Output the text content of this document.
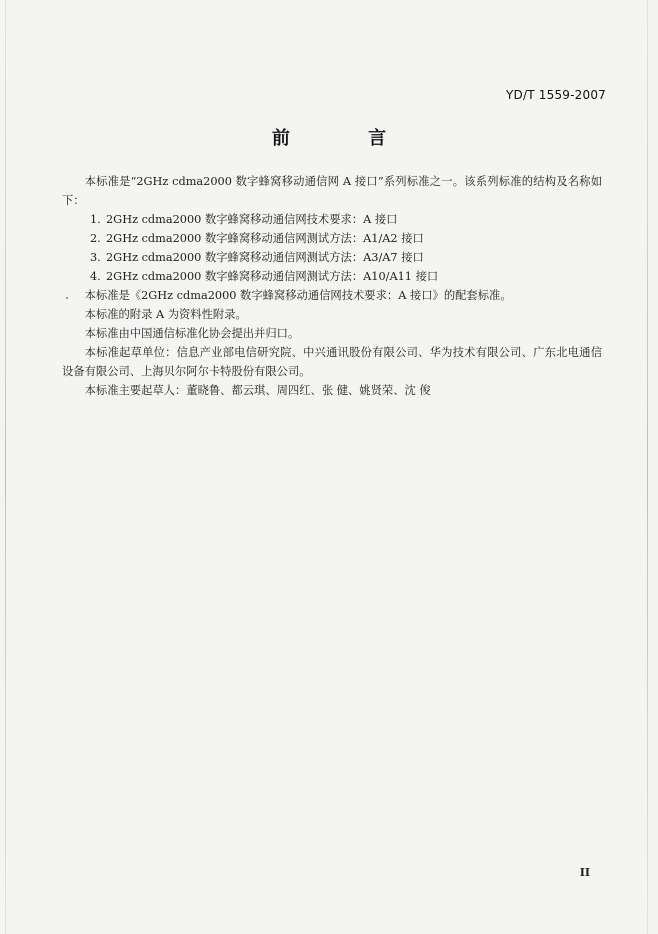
YD/T 1559-2007
前 言

本标准是“2GHz cdma2000 数字蜂窝移动通信网 A 接口”系列标准之一。该系列标准的结构及名称如下：

1. 2GHz cdma2000 数字蜂窝移动通信网技术要求：A 接口

2. 2GHz cdma2000 数字蜂窝移动通信网测试方法：A1/A2 接口

3. 2GHz cdma2000 数字蜂窝移动通信网测试方法：A3/A7 接口

4. 2GHz cdma2000 数字蜂窝移动通信网测试方法：A10/A11 接口

本标准是《2GHz cdma2000 数字蜂窝移动通信网技术要求：A 接口》的配套标准。

本标准的附录 A 为资料性附录。

本标准由中国通信标准化协会提出并归口。

本标准起草单位：信息产业部电信研究院、中兴通讯股份有限公司、华为技术有限公司、广东北电通信设备有限公司、上海贝尔阿尔卡特股份有限公司。

本标准主要起草人：董晓鲁、都云琪、周四红、张 健、姚贤荣、沈 俊

II
